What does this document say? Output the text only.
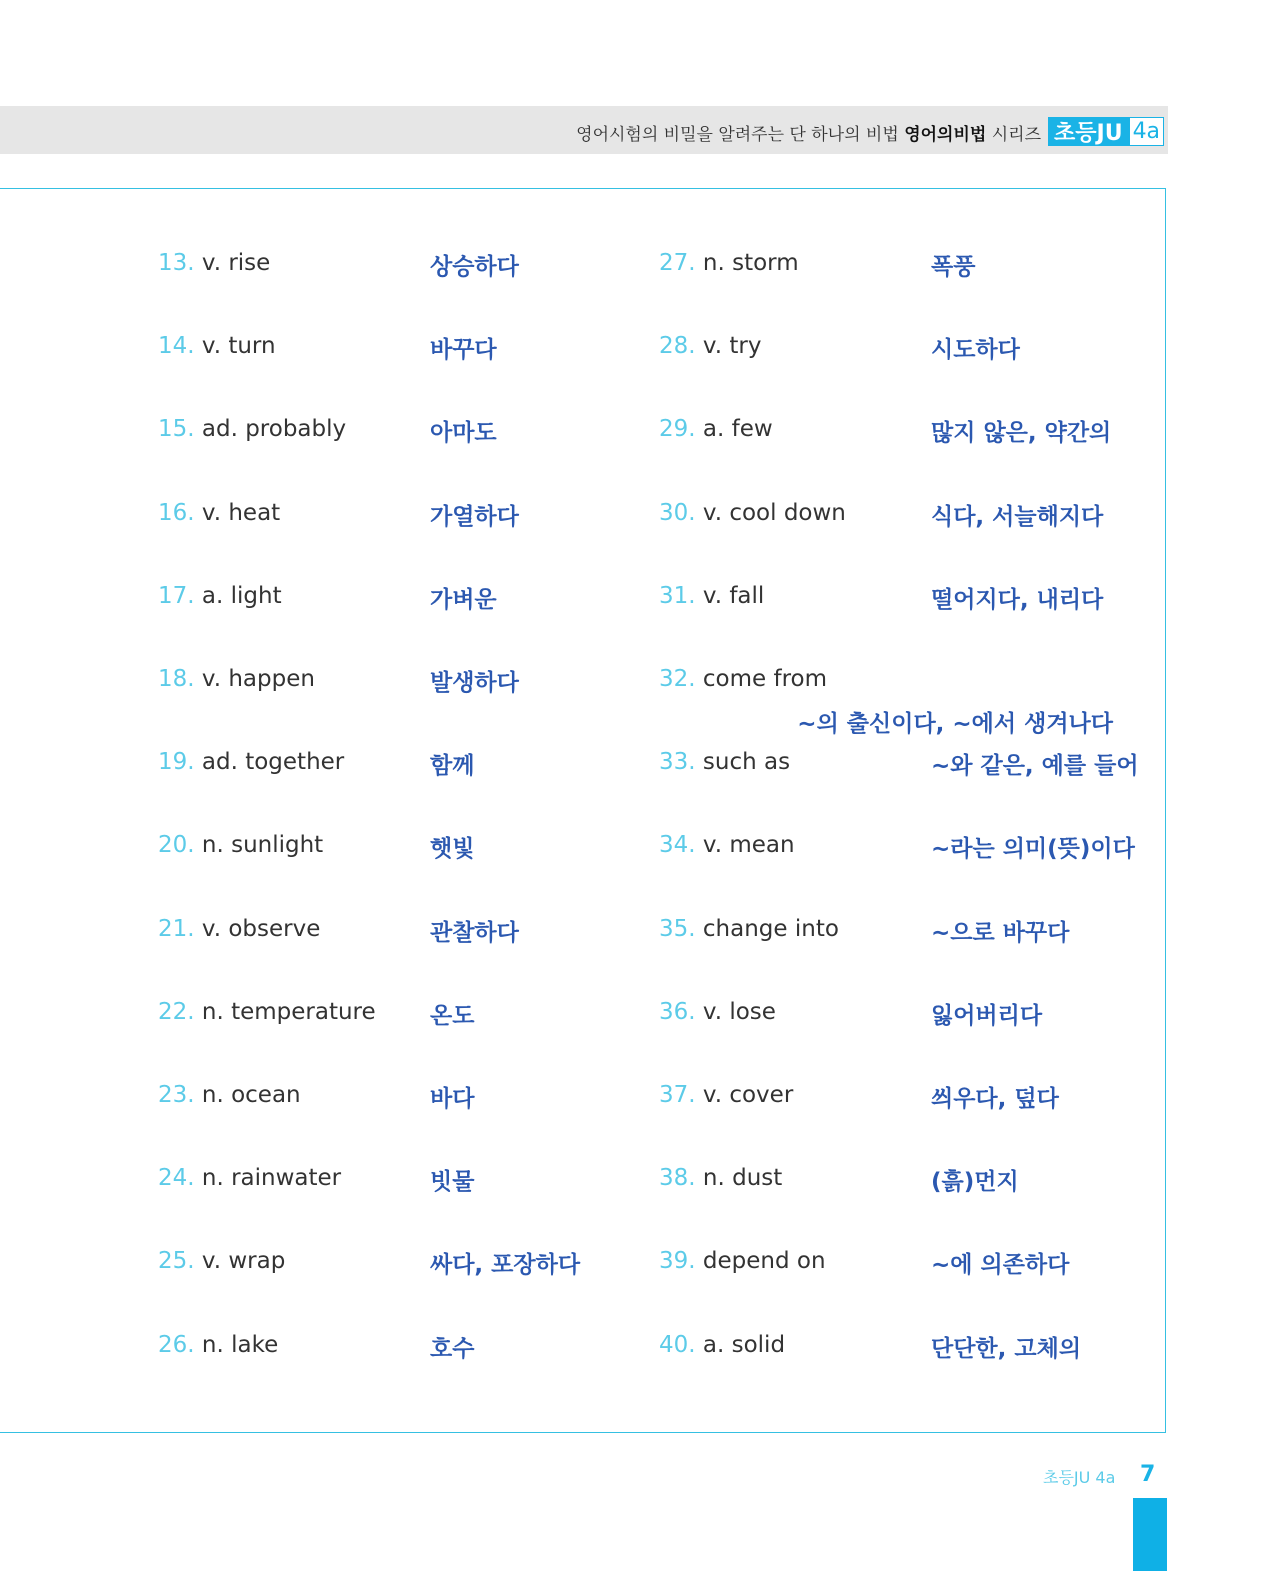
영어시험의 비밀을 알려주는 단 하나의 비법 영어의비법 시리즈 초등JU 4a
13. v. rise	상승하다
14. v. turn	바꾸다
15. ad. probably	아마도
16. v. heat	가열하다
17. a. light	가벼운
18. v. happen	발생하다
19. ad. together	함께
20. n. sunlight	햇빛
21. v. observe	관찰하다
22. n. temperature 온도
23. n. ocean	바다
24. n. rainwater	빗물
25. v. wrap	싸다, 포장하다
26. n. lake	호수
27. n. storm	폭풍
28. v. try	시도하다
29. a. few	많지 않은, 약간의
30. v. cool down	식다, 서늘해지다
31. v. fall	떨어지다, 내리다
32. come from
~의 출신이다, ~에서 생겨나다
33. such as	~와 같은, 예를 들어
34. v. mean	~라는 의미(뜻)이다
35. change into	~으로 바꾸다
36. v. lose	잃어버리다
37. v. cover	씌우다, 덮다
38. n. dust	(흙)먼지
39. depend on	~에 의존하다
40. a. solid	단단한, 고체의
초등JU 4a 7
